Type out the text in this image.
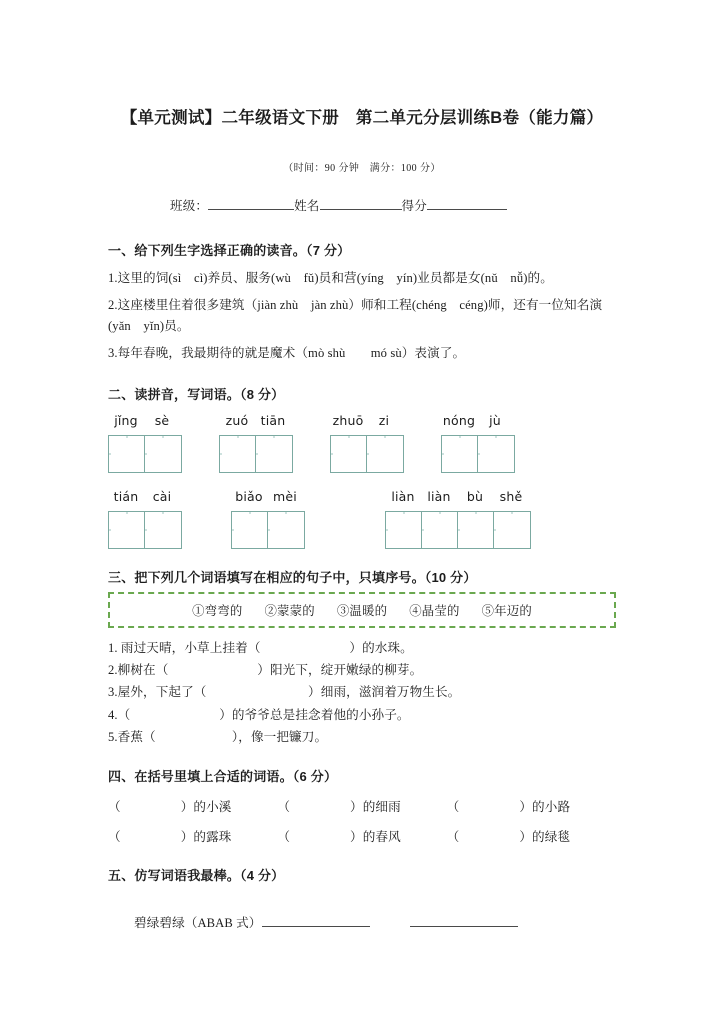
【单元测试】二年级语文下册　第二单元分层训练B卷（能力篇）

（时间：90 分钟　满分：100 分）

班级：	姓名	得分

一、给下列生字选择正确的读音。（7 分）

1.这里的饲(sì　cì)养员、服务(wù　fǔ)员和营(yíng　yín)业员都是女(nǔ　nǚ)的。

2.这座楼里住着很多建筑（jiàn zhù　jàn zhù）师和工程(chéng　céng)师，还有一位知名演(yǎn　yǐn)员。

3.每年春晚，我最期待的就是魔术（mò shù　　mó sù）表演了。

二、读拼音，写词语。（8 分）

jǐng	sè	zuó tiān	zhuō	zi	nóng	jù
tián	cài	biǎo mèi	liàn	liàn	bù	shě

三、把下列几个词语填写在相应的句子中，只填序号。（10 分）

①弯弯的 ②蒙蒙的 ③温暖的 ④晶莹的 ⑤年迈的

1. 雨过天晴，小草上挂着（　　　　　　　）的水珠。

2.柳树在（　　　　　　　）阳光下，绽开嫩绿的柳芽。

3.屋外，下起了（　　　　　　　　）细雨，滋润着万物生长。

4.（　　　　　　　）的爷爷总是挂念着他的小孙子。

5.香蕉（　　　　　　），像一把镰刀。

四、在括号里填上合适的词语。（6 分）

（	）的小溪	（	）的细雨	（	）的小路
（	）的露珠	（	）的春风	（	）的绿毯

五、仿写词语我最棒。（4 分）

碧绿碧绿（ABAB 式）
